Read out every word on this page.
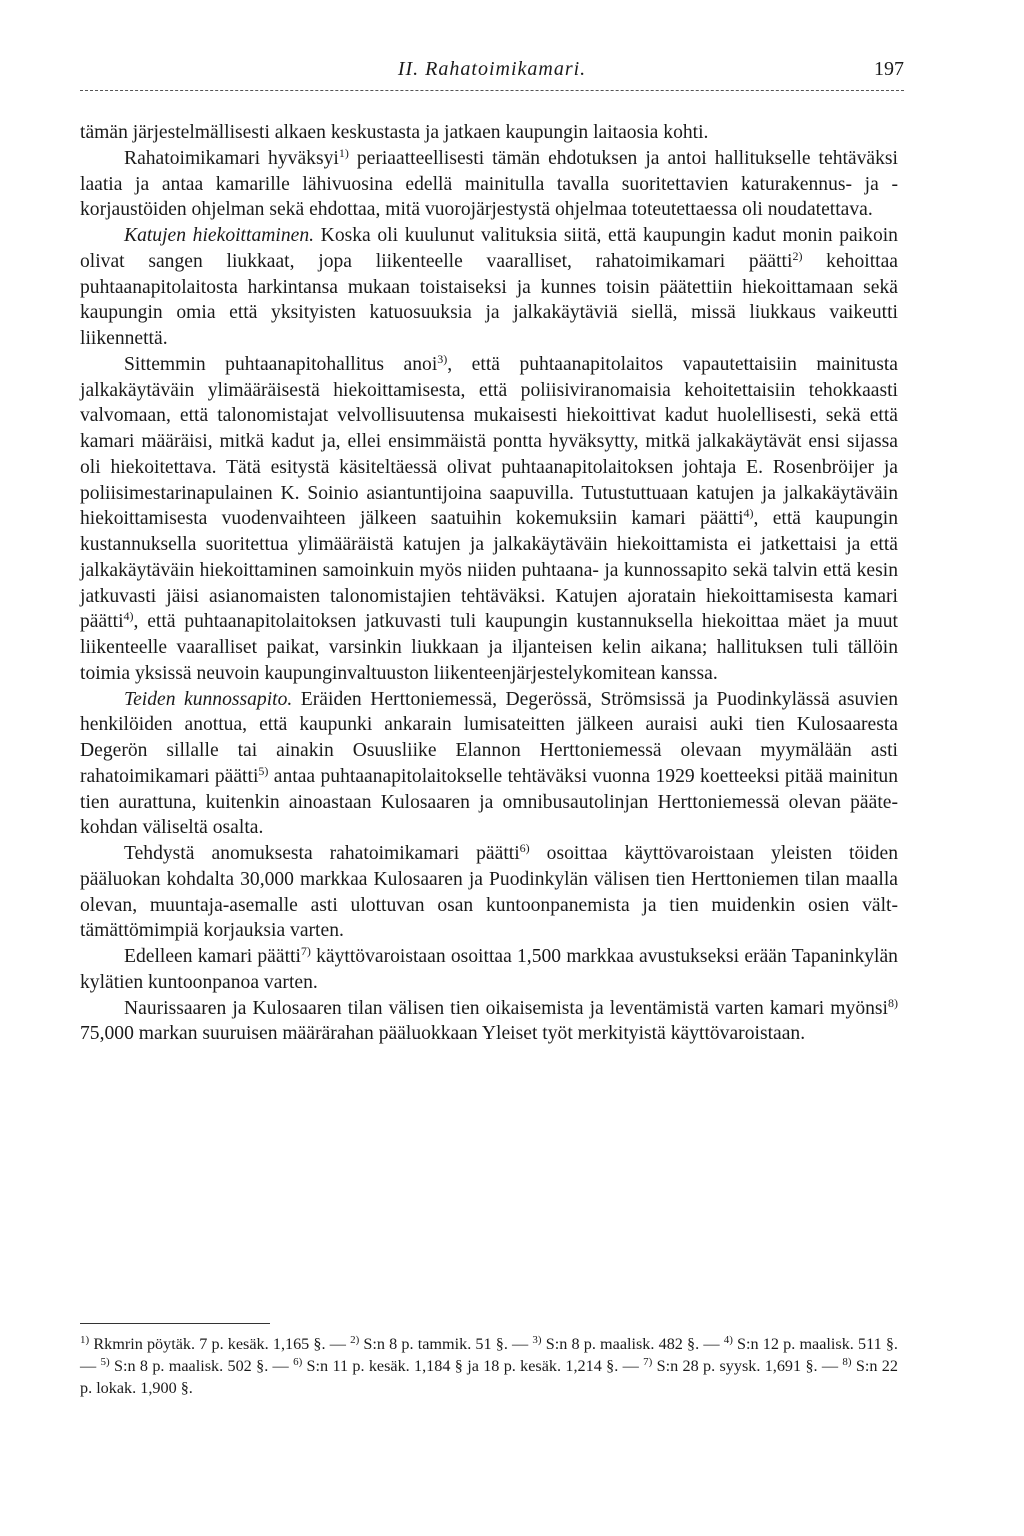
II. Rahatoimikamari.	197

tämän järjestelmällisesti alkaen keskustasta ja jatkaen kaupungin laitaosia kohti.

Rahatoimikamari hyväksyi$^{1)}$ periaatteellisesti tämän ehdotuksen ja antoi hallitukselle tehtäväksi laatia ja antaa kamarille lähivuosina edellä mainitulla tavalla suoritettavien katurakennus- ja -korjaustöiden ohjelman sekä ehdottaa, mitä vuorojärjestystä ohjelmaa toteutettaessa oli noudatettava.

Katujen hiekoittaminen. Koska oli kuulunut valituksia siitä, että kaupungin kadut monin paikoin olivat sangen liukkaat, jopa liikenteelle vaaralliset, rahatoimikamari päätti$^{2)}$ kehoittaa puhtaanapitolaitosta harkintansa mukaan toistaiseksi ja kunnes toisin päätettiin hiekoittamaan sekä kaupungin omia että yksityisten katuosuuksia ja jalkakäytäviä siellä, missä liukkaus vaikeutti liikennettä.

Sittemmin puhtaanapitohallitus anoi$^{3)}$, että puhtaanapitolaitos vapautettaisiin mainitusta jalkakäytäväin ylimääräisestä hiekoittamisesta, että poliisiviranomaisia kehoitettaisiin tehokkaasti valvomaan, että talonomistajat velvollisuutensa mukaisesti hiekoittivat kadut huolellisesti, sekä että kamari määräisi, mitkä kadut ja, ellei ensimmäistä pontta hyväksytty, mitkä jalkakäytävät ensi sijassa oli hiekoitettava. Tätä esitystä käsiteltäessä olivat puhtaanapitolaitoksen johtaja E. Rosenbröijer ja poliisimestarinapulainen K. Soinio asiantuntijoina saapuvilla. Tutustuttuaan katujen ja jalkakäytäväin hiekoittamisesta vuodenvaihteen jälkeen saatuihin kokemuksiin kamari päätti$^{4)}$, että kaupungin kustannuksella suoritettua ylimääräistä katujen ja jalkakäytäväin hiekoittamista ei jatkettaisi ja että jalkakäytäväin hiekoittaminen samoinkuin myös niiden puhtaana- ja kunnossapito sekä talvin että kesin jatkuvasti jäisi asianomaisten talonomistajien tehtäväksi. Katujen ajoratain hiekoittamisesta kamari päätti$^{4)}$, että puhtaanapitolaitoksen jatkuvasti tuli kaupungin kustannuksella hiekoittaa mäet ja muut liikenteelle vaaralliset paikat, varsinkin liukkaan ja iljanteisen kelin aikana; hallituksen tuli tällöin toimia yksissä neuvoin kaupunginvaltuuston liikenteenjärjestelykomitean kanssa.

Teiden kunnossapito. Eräiden Herttoniemessä, Degerössä, Strömsissä ja Puodinkylässä asuvien henkilöiden anottua, että kaupunki ankarain lumisateitten jälkeen auraisi auki tien Kulosaaresta Degerön sillalle tai ainakin Osuusliike Elannon Herttoniemessä olevaan myymälään asti rahatoimikamari päätti$^{5)}$ antaa puhtaanapitolaitokselle tehtäväksi vuonna 1929 koetteeksi pitää mainitun tien aurattuna, kuitenkin ainoastaan Kulosaaren ja omnibusautolinjan Herttoniemessä olevan päätekohdan väliseltä osalta.

Tehdystä anomuksesta rahatoimikamari päätti$^{6)}$ osoittaa käyttövaroistaan yleisten töiden pääluokan kohdalta 30,000 markkaa Kulosaaren ja Puodinkylän välisen tien Herttoniemen tilan maalla olevan, muuntaja-asemalle asti ulottuvan osan kuntoonpanemista ja tien muidenkin osien välttämättömimpiä korjauksia varten.

Edelleen kamari päätti$^{7)}$ käyttövaroistaan osoittaa 1,500 markkaa avustukseksi erään Tapaninkylän kylätien kuntoonpanoa varten.

Naurissaaren ja Kulosaaren tilan välisen tien oikaisemista ja leventämistä varten kamari myönsi$^{8)}$ 75,000 markan suuruisen määrärahan pääluokkaan Yleiset työt merkityistä käyttövaroistaan.

$^{1)}$ Rkmrin pöytäk. 7 p. kesäk. 1,165 §. — $^{2)}$ S:n 8 p. tammik. 51 §. — $^{3)}$ S:n 8 p. maalisk. 482 §. — $^{4)}$ S:n 12 p. maalisk. 511 §. — $^{5)}$ S:n 8 p. maalisk. 502 §. — $^{6)}$ S:n 11 p. kesäk. 1,184 § ja 18 p. kesäk. 1,214 §. — $^{7)}$ S:n 28 p. syysk. 1,691 §. — $^{8)}$ S:n 22 p. lokak. 1,900 §.
